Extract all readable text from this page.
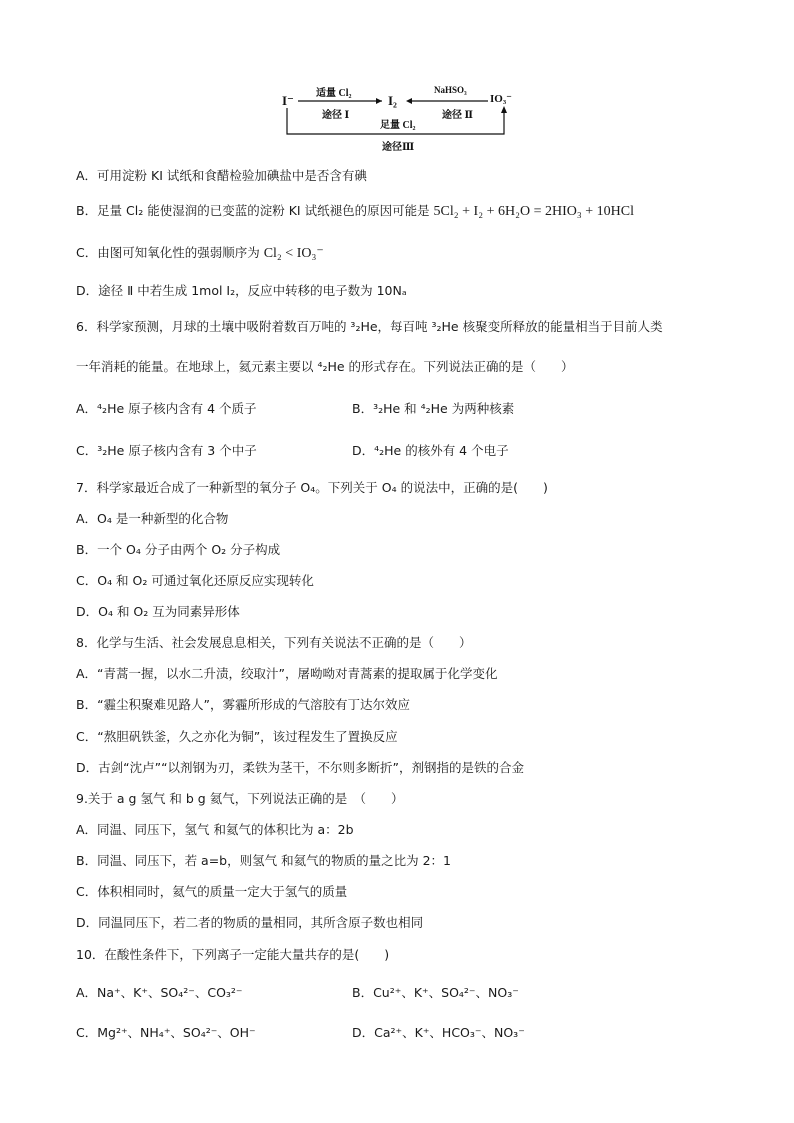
I⁻	I₂	IO₃⁻
适量 Cl₂
途径 Ⅰ
NaHSO₃
途径 Ⅱ
足量 Cl₂
途径Ⅲ
A．可用淀粉 KI 试纸和食醋检验加碘盐中是否含有碘
B．足量 Cl₂ 能使湿润的已变蓝的淀粉 KI 试纸褪色的原因可能是 5Cl₂ + I₂ + 6H₂O = 2HIO₃ + 10HCl
C．由图可知氧化性的强弱顺序为 Cl₂ < IO₃⁻
D．途径 Ⅱ 中若生成 1mol I₂，反应中转移的电子数为 10Nₐ
6．科学家预测，月球的土壤中吸附着数百万吨的 ³₂He，每百吨 ³₂He 核聚变所释放的能量相当于目前人类
一年消耗的能量。在地球上，氦元素主要以 ⁴₂He 的形式存在。下列说法正确的是（　　）
A．⁴₂He 原子核内含有 4 个质子	B．³₂He 和 ⁴₂He 为两种核素
C．³₂He 原子核内含有 3 个中子	D．⁴₂He 的核外有 4 个电子
7．科学家最近合成了一种新型的氧分子 O₄。下列关于 O₄ 的说法中，正确的是(　　)
A．O₄ 是一种新型的化合物
B．一个 O₄ 分子由两个 O₂ 分子构成
C．O₄ 和 O₂ 可通过氧化还原反应实现转化
D．O₄ 和 O₂ 互为同素异形体
8．化学与生活、社会发展息息相关，下列有关说法不正确的是（　　）
A．“青蒿一握，以水二升渍，绞取汁”，屠呦呦对青蒿素的提取属于化学变化
B．“霾尘积聚难见路人”，雾霾所形成的气溶胶有丁达尔效应
C．“熬胆矾铁釜，久之亦化为铜”，该过程发生了置换反应
D．古剑“沈卢”“以剂钢为刃，柔铁为茎干，不尔则多断折”，剂钢指的是铁的合金
9.关于 a g 氢气 和 b g 氦气，下列说法正确的是　（　　）
A．同温、同压下，氢气 和氦气的体积比为 a：2b
B．同温、同压下，若 a=b，则氢气 和氦气的物质的量之比为 2：1
C．体积相同时，氦气的质量一定大于氢气的质量
D．同温同压下，若二者的物质的量相同，其所含原子数也相同
10．在酸性条件下，下列离子一定能大量共存的是(　　)
A．Na⁺、K⁺、SO₄²⁻、CO₃²⁻	B．Cu²⁺、K⁺、SO₄²⁻、NO₃⁻
C．Mg²⁺、NH₄⁺、SO₄²⁻、OH⁻	D．Ca²⁺、K⁺、HCO₃⁻、NO₃⁻
